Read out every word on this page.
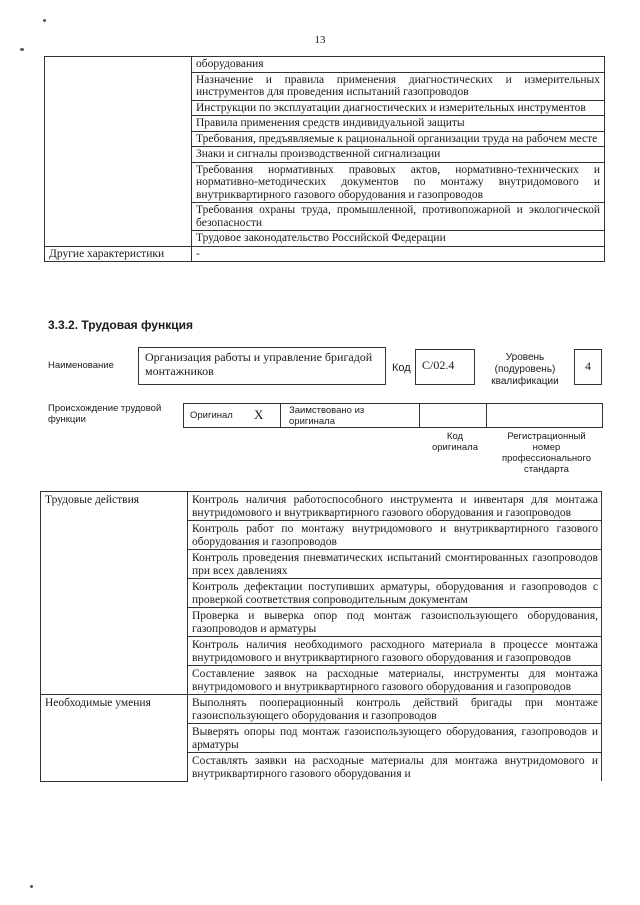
13
	оборудования
	Назначение и правила применения диагностических и измерительных инструментов для проведения испытаний газопроводов
	Инструкции по эксплуатации диагностических и измерительных инструментов
	Правила применения средств индивидуальной защиты
	Требования, предъявляемые к рациональной организации труда на рабочем месте
	Знаки и сигналы производственной сигнализации
	Требования нормативных правовых актов, нормативно-технических и нормативно-методических документов по монтажу внутридомового и внутриквартирного газового оборудования и газопроводов
	Требования охраны труда, промышленной, противопожарной и экологической безопасности
	Трудовое законодательство Российской Федерации
Другие характеристики	-
3.3.2. Трудовая функция
Наименование
Организация работы и управление бригадой монтажников	Код C/02.4
Уровень (подуровень) квалификации
4
Происхождение трудовой функции	Оригинал X	Заимствовано из оригинала
Код оригинала
Регистрационный номер профессионального стандарта
Трудовые действия	Контроль наличия работоспособного инструмента и инвентаря для монтажа внутридомового и внутриквартирного газового оборудования и газопроводов
	Контроль работ по монтажу внутридомового и внутриквартирного газового оборудования и газопроводов
	Контроль проведения пневматических испытаний смонтированных газопроводов при всех давлениях
	Контроль дефектации поступивших арматуры, оборудования и газопроводов с проверкой соответствия сопроводительным документам
	Проверка и выверка опор под монтаж газоиспользующего оборудования, газопроводов и арматуры
	Контроль наличия необходимого расходного материала в процессе монтажа внутридомового и внутриквартирного газового оборудования и газопроводов
	Составление заявок на расходные материалы, инструменты для монтажа внутридомового и внутриквартирного газового оборудования и газопроводов
Необходимые умения	Выполнять пооперационный контроль действий бригады при монтаже газоиспользующего оборудования и газопроводов
	Выверять опоры под монтаж газоиспользующего оборудования, газопроводов и арматуры
	Составлять заявки на расходные материалы для монтажа внутридомового и внутриквартирного газового оборудования и
